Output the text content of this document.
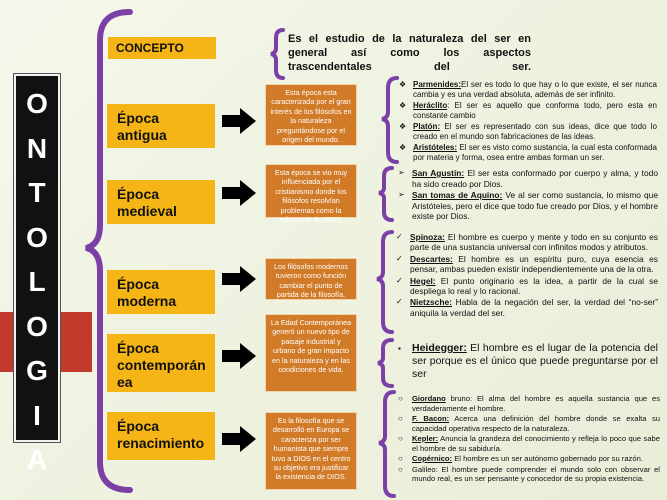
O
N
T
O
L
O
G
I
A
CONCEPTO
Es el estudio de la naturaleza del ser en general así como los aspectos trascendentales del ser.
Época antigua
Esta época esta caracterizada por el gran interés de los filósofos en la naturaleza preguntándose por el origen del mundo.
❖ Parmenides:El ser es todo lo que hay o lo que existe, el ser nunca cambia y es una verdad absoluta, además de ser infinito.
❖ Heráclito: El ser es aquello que conforma todo, pero esta en constante cambio
❖ Platón: El ser es representado con sus ideas, dice que todo lo creado en el mundo son fabricaciones de las ideas.
❖ Aristóteles: El ser es visto como sustancia, la cual esta conformada por materia y forma, osea entre ambas forman un ser.
Época medieval
Esta época se vio muy influenciada por el cristianismo donde los filósofos resolvían problemas como la existencia de DIOS.
➢ San Agustín: El ser esta conformado por cuerpo y alma, y todo ha sido creado por Dios.
➢ San tomas de Aquino: Ve al ser como sustancia, lo mismo que Aristóteles, pero el dice que todo fue creado por Dios, y el hombre existe por Dios.
Época moderna
Los filósofos modernos tuvieron como función cambiar el punto de partida de la filosofía.
✓ Spinoza: El hombre es cuerpo y mente y todo en su conjunto es parte de una sustancia universal con infinitos modos y atributos.
✓ Descartes: El hombre es un espíritu puro, cuya esencia es pensar, ambas pueden existir independientemente una de la otra.
✓ Hegel: El punto originario es la idea, a partir de la cual se despliega lo real y lo racional.
✓ Nietzsche: Habla de la negación del ser, la verdad del “no-ser” aniquila la verdad del ser.
Época contemporán ea
La Edad Contemporánea generó un nuevo tipo de paisaje industrial y urbano de gran impacto en la naturaleza y en las condiciones de vida.
▪ Heidegger: El hombre es el lugar de la potencia del ser porque es el único que puede preguntarse por el ser
Época renacimiento
Es la filosofía que se desarrolló en Europa se caracteriza por ser humanista que siempre tuvo a DIOS en el centro su objetivo era justificar la existencia de DIOS.
○ Giordano bruno: El alma del hombre es aquella sustancia que es verdaderamente el hombre.
○ F. Bacon: Acerca una definición del hombre donde se exalta su capacidad operativa respecto de la naturaleza.
○ Kepler: Anuncia la grandeza del conocimiento y refleja lo poco que sabe el hombre de su sabiduría.
○ Copérnico: El hombre es un ser autónomo gobernado por su razón.
○ Galileo: El hombre puede comprender el mundo solo con observar el mundo real, es un ser pensante y conocedor de su propia existencia.
